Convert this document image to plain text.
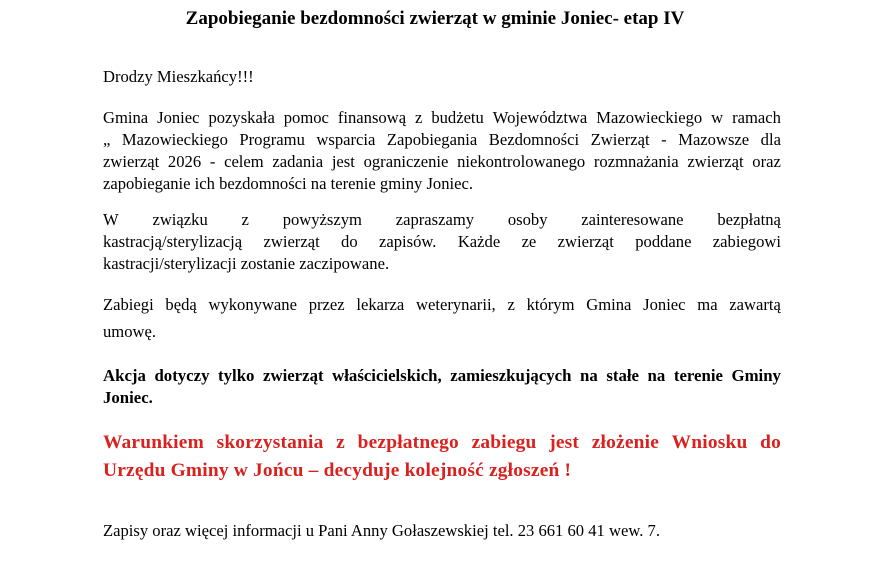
Zapobieganie bezdomności zwierząt w gminie Joniec- etap IV

Drodzy Mieszkańcy!!!

Gmina Joniec pozyskała pomoc finansową z budżetu Województwa Mazowieckiego w ramach
„ Mazowieckiego Programu wsparcia Zapobiegania Bezdomności Zwierząt - Mazowsze dla
zwierząt 2026 - celem zadania jest ograniczenie niekontrolowanego rozmnażania zwierząt oraz
zapobieganie ich bezdomności na terenie gminy Joniec.

W związku z powyższym zapraszamy osoby zainteresowane bezpłatną
kastracją/sterylizacją zwierząt do zapisów. Każde ze zwierząt poddane zabiegowi
kastracji/sterylizacji zostanie zaczipowane.

Zabiegi będą wykonywane przez lekarza weterynarii, z którym Gmina Joniec ma zawartą
umowę.

Akcja dotyczy tylko zwierząt właścicielskich, zamieszkujących na stałe na terenie Gminy
Joniec.

Warunkiem skorzystania z bezpłatnego zabiegu jest złożenie Wniosku do
Urzędu Gminy w Jońcu – decyduje kolejność zgłoszeń !

Zapisy oraz więcej informacji u Pani Anny Gołaszewskiej tel. 23 661 60 41 wew. 7.
